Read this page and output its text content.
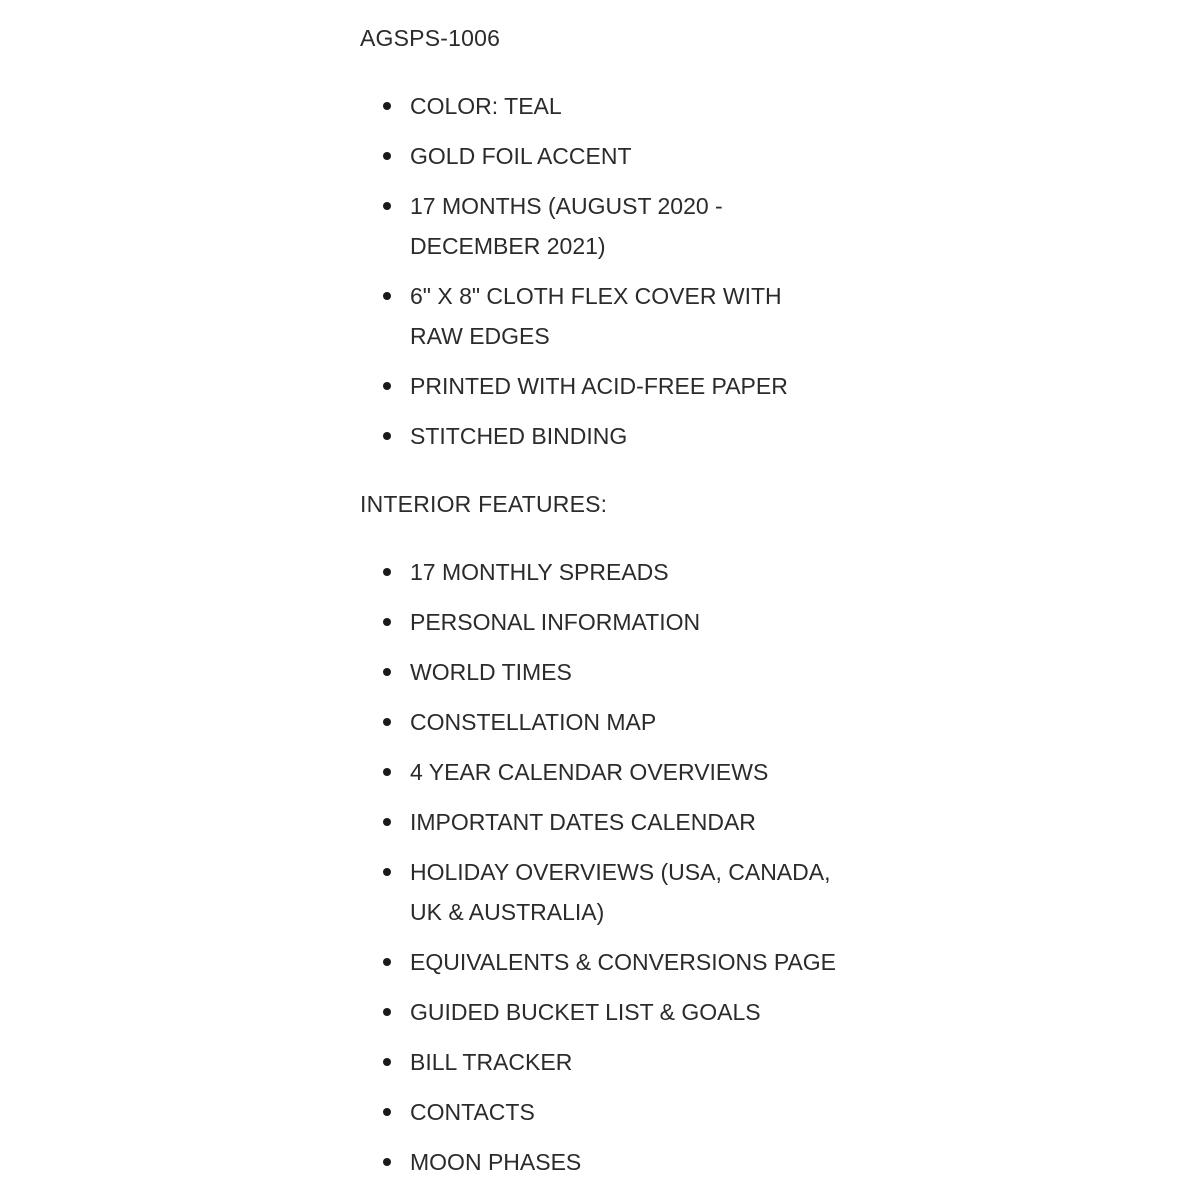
AGSPS-1006

COLOR: TEAL
GOLD FOIL ACCENT
17 MONTHS (AUGUST 2020 - DECEMBER 2021)
6" X 8" CLOTH FLEX COVER WITH RAW EDGES
PRINTED WITH ACID-FREE PAPER
STITCHED BINDING

INTERIOR FEATURES:

17 MONTHLY SPREADS
PERSONAL INFORMATION
WORLD TIMES
CONSTELLATION MAP
4 YEAR CALENDAR OVERVIEWS
IMPORTANT DATES CALENDAR
HOLIDAY OVERVIEWS (USA, CANADA, UK & AUSTRALIA)
EQUIVALENTS & CONVERSIONS PAGE
GUIDED BUCKET LIST & GOALS
BILL TRACKER
CONTACTS
MOON PHASES
